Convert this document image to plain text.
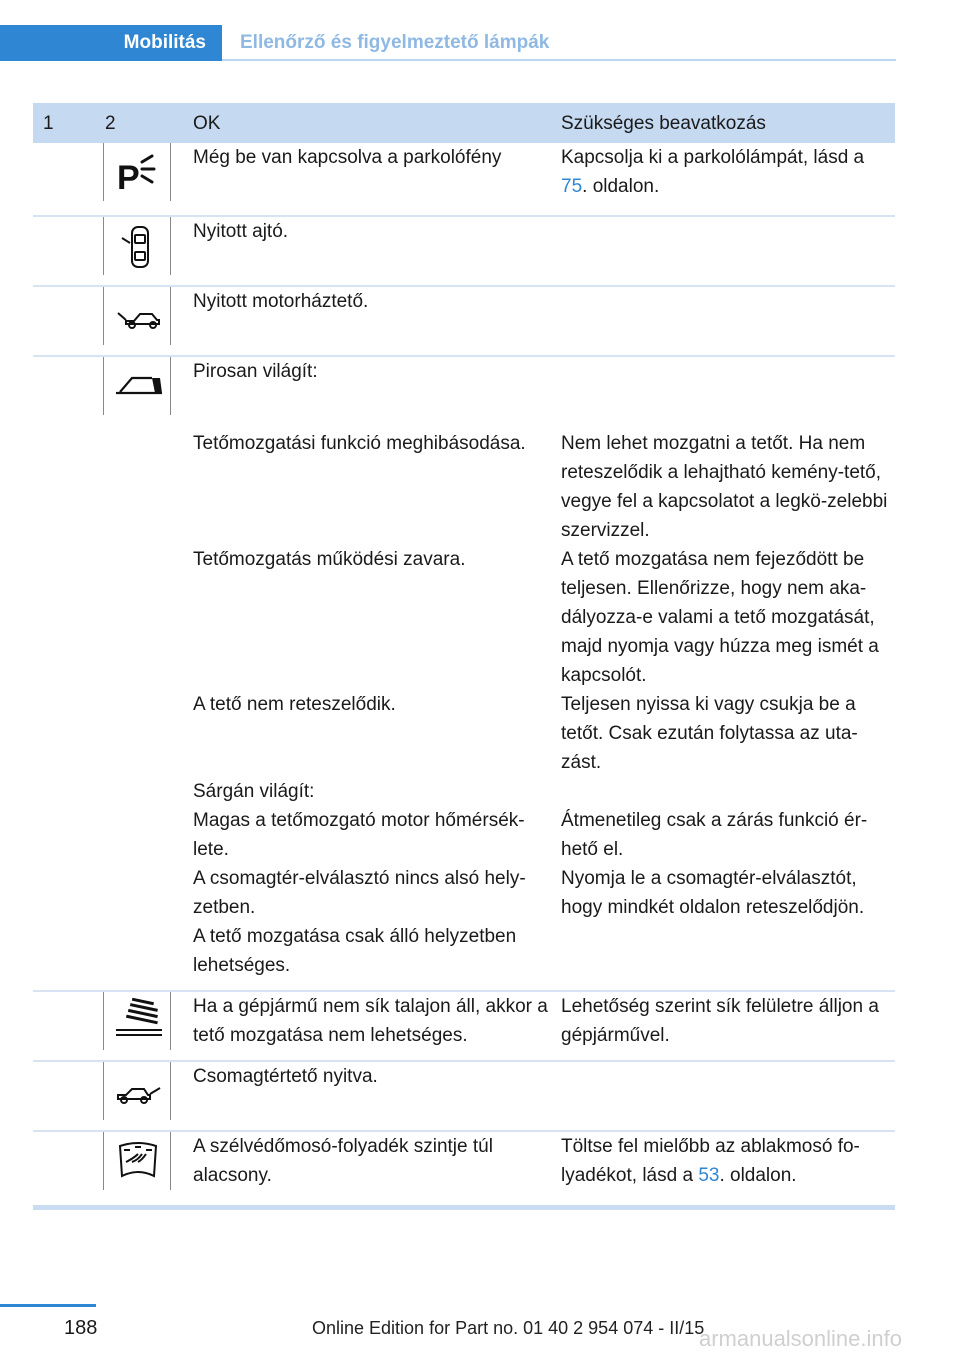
Mobilitás Ellenőrző és figyelmeztető lámpák
1	2	OK	Szükséges beavatkozás

P	Még be van kapcsolva a parkolófény	Kapcsolja ki a parkolólámpát, lásd a 75. oldalon.

	Nyitott ajtó.	

	Nyitott motorháztető.	

	Pirosan világít:	
		Tetőmozgatási funkció meghibásodása.	Nem lehet mozgatni a tetőt. Ha nem reteszelődik a lehajtható kemény-tető, vegye fel a kapcsolatot a legkö-zelebbi szervizzel.
		Tetőmozgatás működési zavara.	A tető mozgatása nem fejeződött be teljesen. Ellenőrizze, hogy nem aka-dályozza-e valami a tető mozgatását, majd nyomja vagy húzza meg ismét a kapcsolót.
		A tető nem reteszelődik.	Teljesen nyissa ki vagy csukja be a tetőt. Csak ezután folytassa az uta-zást.
		Sárgán világít:	
		Magas a tetőmozgató motor hőmérsék-lete.	Átmenetileg csak a zárás funkció ér-hető el.
		A csomagtér-elválasztó nincs alsó hely-zetben.	Nyomja le a csomagtér-elválasztót, hogy mindkét oldalon reteszelődjön.
		A tető mozgatása csak álló helyzetben lehetséges.	

	Ha a gépjármű nem sík talajon áll, akkor a tető mozgatása nem lehetséges.	Lehetőség szerint sík felületre álljon a gépjárművel.

	Csomagtértető nyitva.	

	A szélvédőmosó-folyadék szintje túl alacsony.	Töltse fel mielőbb az ablakmosó fo-lyadékot, lásd a 53. oldalon.
188	Online Edition for Part no. 01 40 2 954 074 - II/15
armanualsonline.info
